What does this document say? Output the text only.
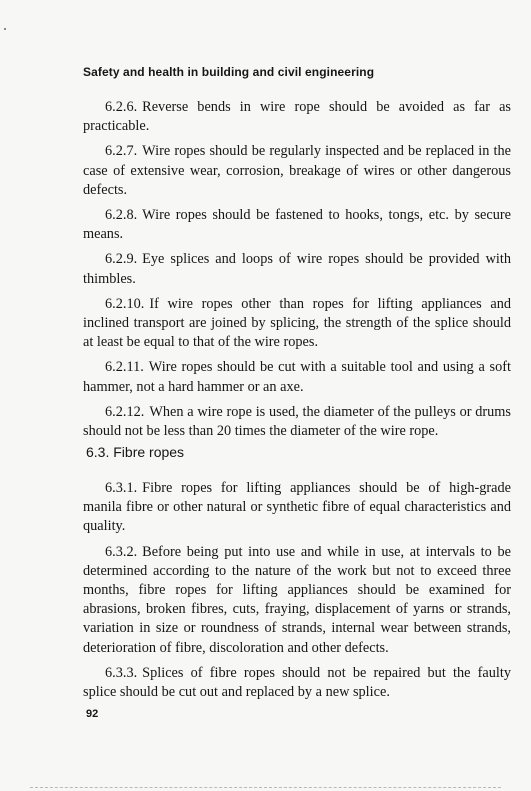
Safety and health in building and civil engineering

6.2.6. Reverse bends in wire rope should be avoided as far as practicable.

6.2.7. Wire ropes should be regularly inspected and be replaced in the case of extensive wear, corrosion, breakage of wires or other dangerous defects.

6.2.8. Wire ropes should be fastened to hooks, tongs, etc. by secure means.

6.2.9. Eye splices and loops of wire ropes should be provided with thimbles.

6.2.10. If wire ropes other than ropes for lifting appliances and inclined transport are joined by splicing, the strength of the splice should at least be equal to that of the wire ropes.

6.2.11. Wire ropes should be cut with a suitable tool and using a soft hammer, not a hard hammer or an axe.

6.2.12. When a wire rope is used, the diameter of the pulleys or drums should not be less than 20 times the diameter of the wire rope.

6.3. Fibre ropes

6.3.1. Fibre ropes for lifting appliances should be of high-grade manila fibre or other natural or synthetic fibre of equal characteristics and quality.

6.3.2. Before being put into use and while in use, at intervals to be determined according to the nature of the work but not to exceed three months, fibre ropes for lifting appliances should be examined for abrasions, broken fibres, cuts, fraying, displacement of yarns or strands, variation in size or roundness of strands, internal wear between strands, deterioration of fibre, discoloration and other defects.

6.3.3. Splices of fibre ropes should not be repaired but the faulty splice should be cut out and replaced by a new splice.

92
